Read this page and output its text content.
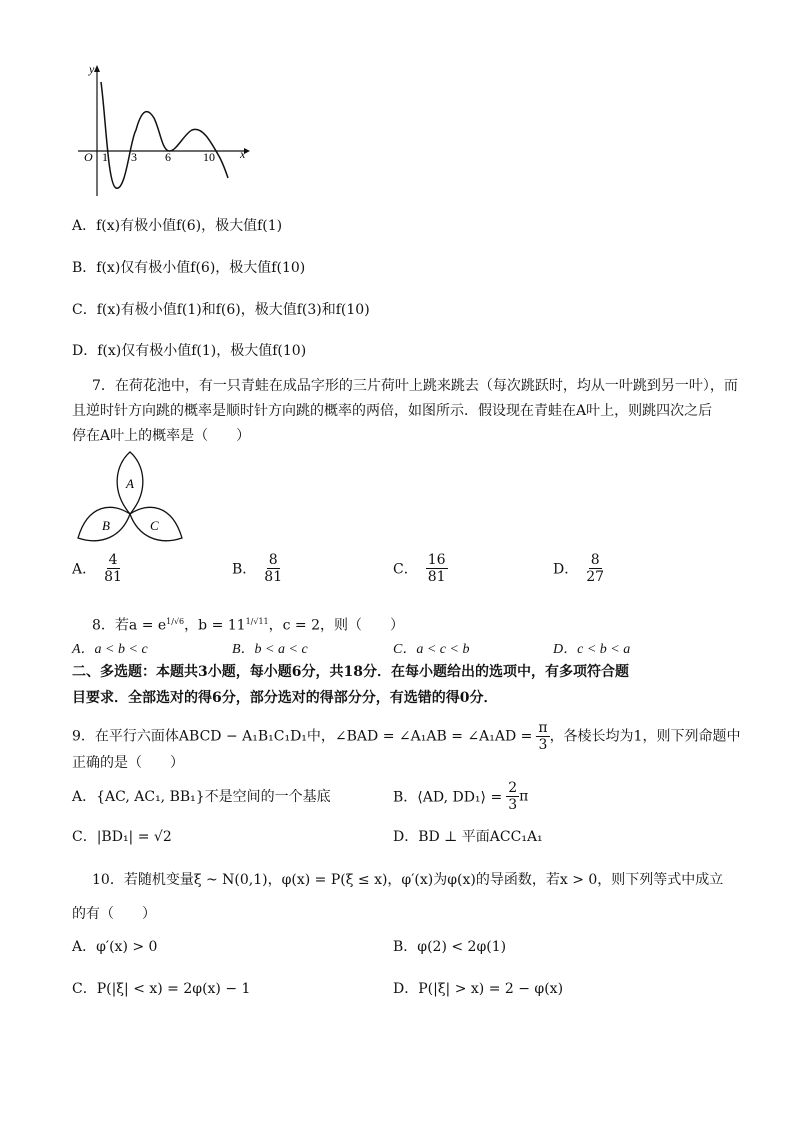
y
x
O 1 3 6	10
A．f(x)有极小值f(6)，极大值f(1)
B．f(x)仅有极小值f(6)，极大值f(10)
C．f(x)有极小值f(1)和f(6)，极大值f(3)和f(10)
D．f(x)仅有极小值f(1)，极大值f(10)
7．在荷花池中，有一只青蛙在成品字形的三片荷叶上跳来跳去（每次跳跃时，均从一叶跳到另一叶），而
且逆时针方向跳的概率是顺时针方向跳的概率的两倍，如图所示．假设现在青蛙在A叶上，则跳四次之后
停在A叶上的概率是（　　）
A
B	C
A． $\frac{4}{81}$	B． $\frac{8}{81}$	C． $\frac{16}{81}$	D． $\frac{8}{27}$
8．若$a = e^{1/√6}$，$b = 11^{1/√11}$，c = 2，则（　　）
A．a < b < c	B．b < a < c	C．a < c < b	D．c < b < a
二、多选题：本题共3小题，每小题6分，共18分．在每小题给出的选项中，有多项符合题
目要求．全部选对的得6分，部分选对的得部分分，有选错的得0分．
9．在平行六面体ABCD − A₁B₁C₁D₁中，∠BAD = ∠A₁AB = ∠A₁AD = $\frac{\pi}{3}$ ，各棱长均为1，则下列命题中
正确的是（　　）
A．{AC, AC₁, BB₁}不是空间的一个基底	B．⟨AD, DD₁⟩ = $\frac{2}{3}$ π
C．|BD₁| = √2	D．BD ⊥ 平面ACC₁A₁
10．若随机变量ξ ~ N(0,1)，φ(x) = P(ξ ≤ x)，φ′(x)为φ(x)的导函数，若x > 0，则下列等式中成立
的有（　　）
A．φ′(x) > 0	B．φ(2) < 2φ(1)
C．P(|ξ| < x) = 2φ(x) − 1	D．P(|ξ| > x) = 2 − φ(x)
